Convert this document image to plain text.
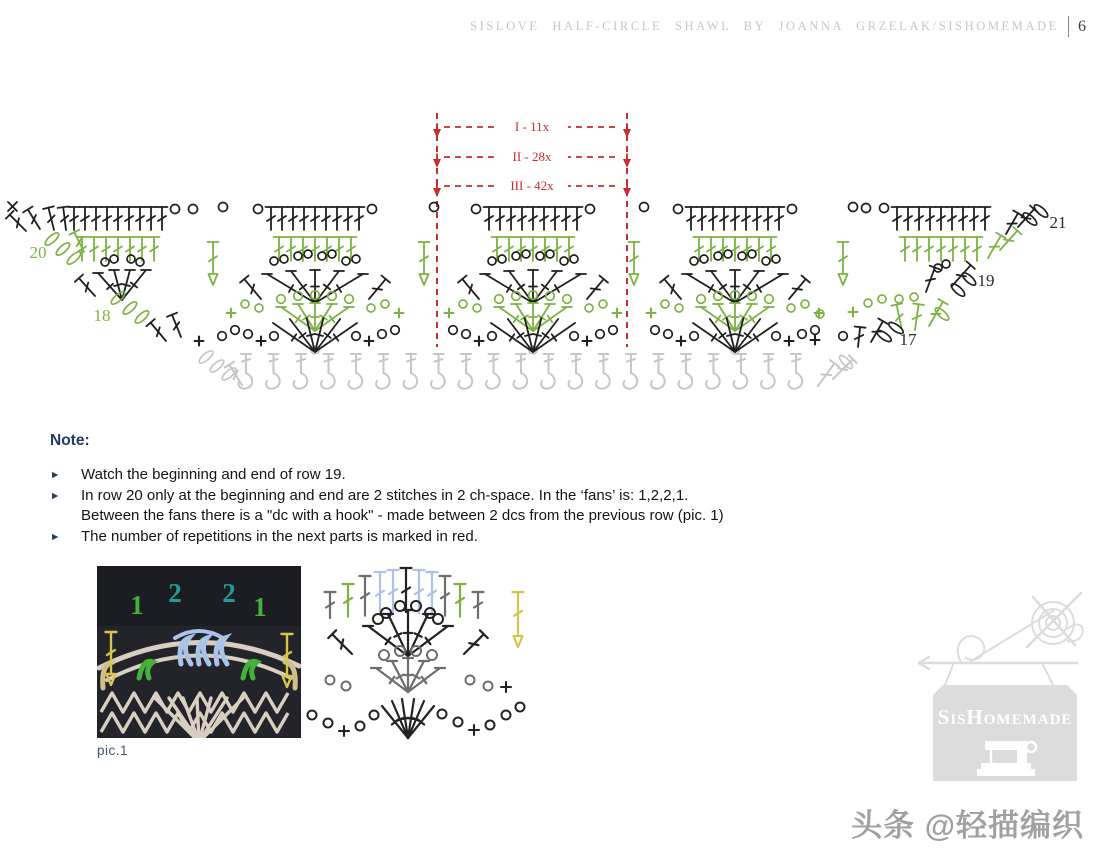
SISLOVE HALF-CIRCLE SHAWL BY JOANNA GRZELAK/SISHOMEMADE 6
I - 11x
II - 28x
III - 42x
20
18
17
19
21
Note:
►	Watch the beginning and end of row 19.
►	In row 20 only at the beginning and end are 2 stitches in 2 ch-space. In the ‘fans’ is: 1,2,2,1.
Between the fans there is a "dc with a hook" - made between 2 dcs from the previous row (pic. 1)
►	The number of repetitions in the next parts is marked in red.
1 2 2 1
pic.1
SisHomemade
头条 @轻描编织
